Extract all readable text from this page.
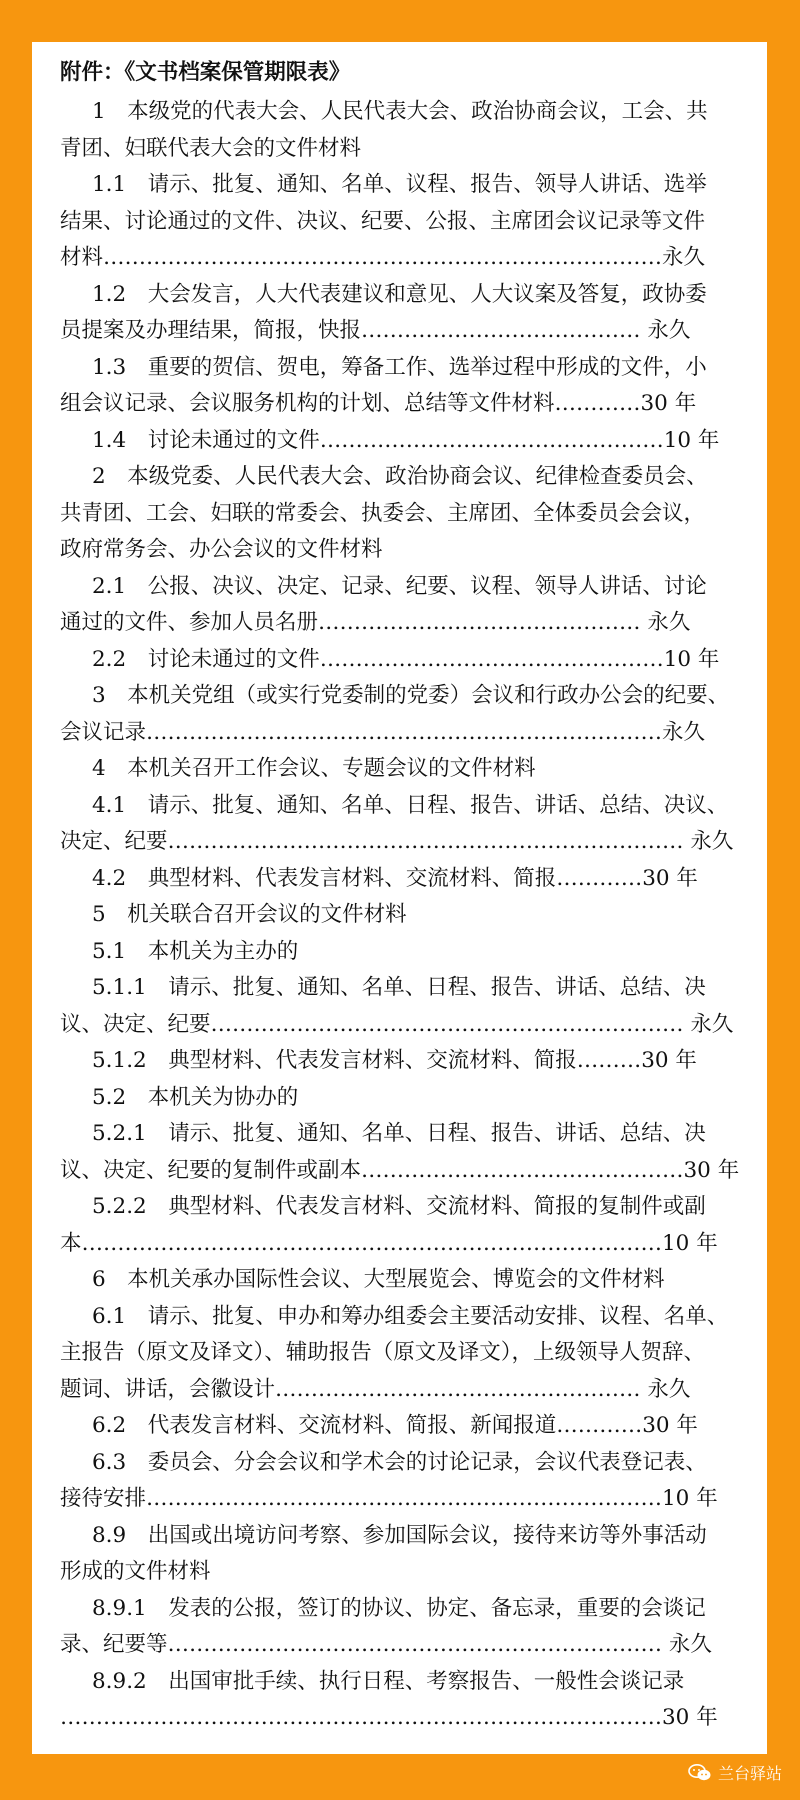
附件：《文书档案保管期限表》
1　本级党的代表大会、人民代表大会、政治协商会议，工会、共
青团、妇联代表大会的文件材料
1.1　请示、批复、通知、名单、议程、报告、领导人讲话、选举
结果、讨论通过的文件、决议、纪要、公报、主席团会议记录等文件
材料……………………………………………………………………永久
1.2　大会发言，人大代表建议和意见、人大议案及答复，政协委
员提案及办理结果，简报，快报………………………………… 永久
1.3　重要的贺信、贺电，筹备工作、选举过程中形成的文件，小
组会议记录、会议服务机构的计划、总结等文件材料…………30 年
1.4　讨论未通过的文件…………………………………………10 年
2　本级党委、人民代表大会、政治协商会议、纪律检查委员会、
共青团、工会、妇联的常委会、执委会、主席团、全体委员会会议，
政府常务会、办公会议的文件材料
2.1　公报、决议、决定、记录、纪要、议程、领导人讲话、讨论
通过的文件、参加人员名册……………………………………… 永久
2.2　讨论未通过的文件…………………………………………10 年
3　本机关党组（或实行党委制的党委）会议和行政办公会的纪要、
会议记录………………………………………………………………永久
4　本机关召开工作会议、专题会议的文件材料
4.1　请示、批复、通知、名单、日程、报告、讲话、总结、决议、
决定、纪要……………………………………………………………… 永久
4.2　典型材料、代表发言材料、交流材料、简报…………30 年
5　机关联合召开会议的文件材料
5.1　本机关为主办的
5.1.1　请示、批复、通知、名单、日程、报告、讲话、总结、决
议、决定、纪要………………………………………………………… 永久
5.1.2　典型材料、代表发言材料、交流材料、简报………30 年
5.2　本机关为协办的
5.2.1　请示、批复、通知、名单、日程、报告、讲话、总结、决
议、决定、纪要的复制件或副本………………………………………30 年
5.2.2　典型材料、代表发言材料、交流材料、简报的复制件或副
本………………………………………………………………………10 年
6　本机关承办国际性会议、大型展览会、博览会的文件材料
6.1　请示、批复、申办和筹办组委会主要活动安排、议程、名单、
主报告（原文及译文）、辅助报告（原文及译文），上级领导人贺辞、
题词、讲话，会徽设计…………………………………………… 永久
6.2　代表发言材料、交流材料、简报、新闻报道…………30 年
6.3　委员会、分会会议和学术会的讨论记录，会议代表登记表、
接待安排………………………………………………………………10 年
8.9　出国或出境访问考察、参加国际会议，接待来访等外事活动
形成的文件材料
8.9.1　发表的公报，签订的协议、协定、备忘录，重要的会谈记
录、纪要等…………………………………………………………… 永久
8.9.2　出国审批手续、执行日程、考察报告、一般性会谈记录
…………………………………………………………………………30 年
兰台驿站
